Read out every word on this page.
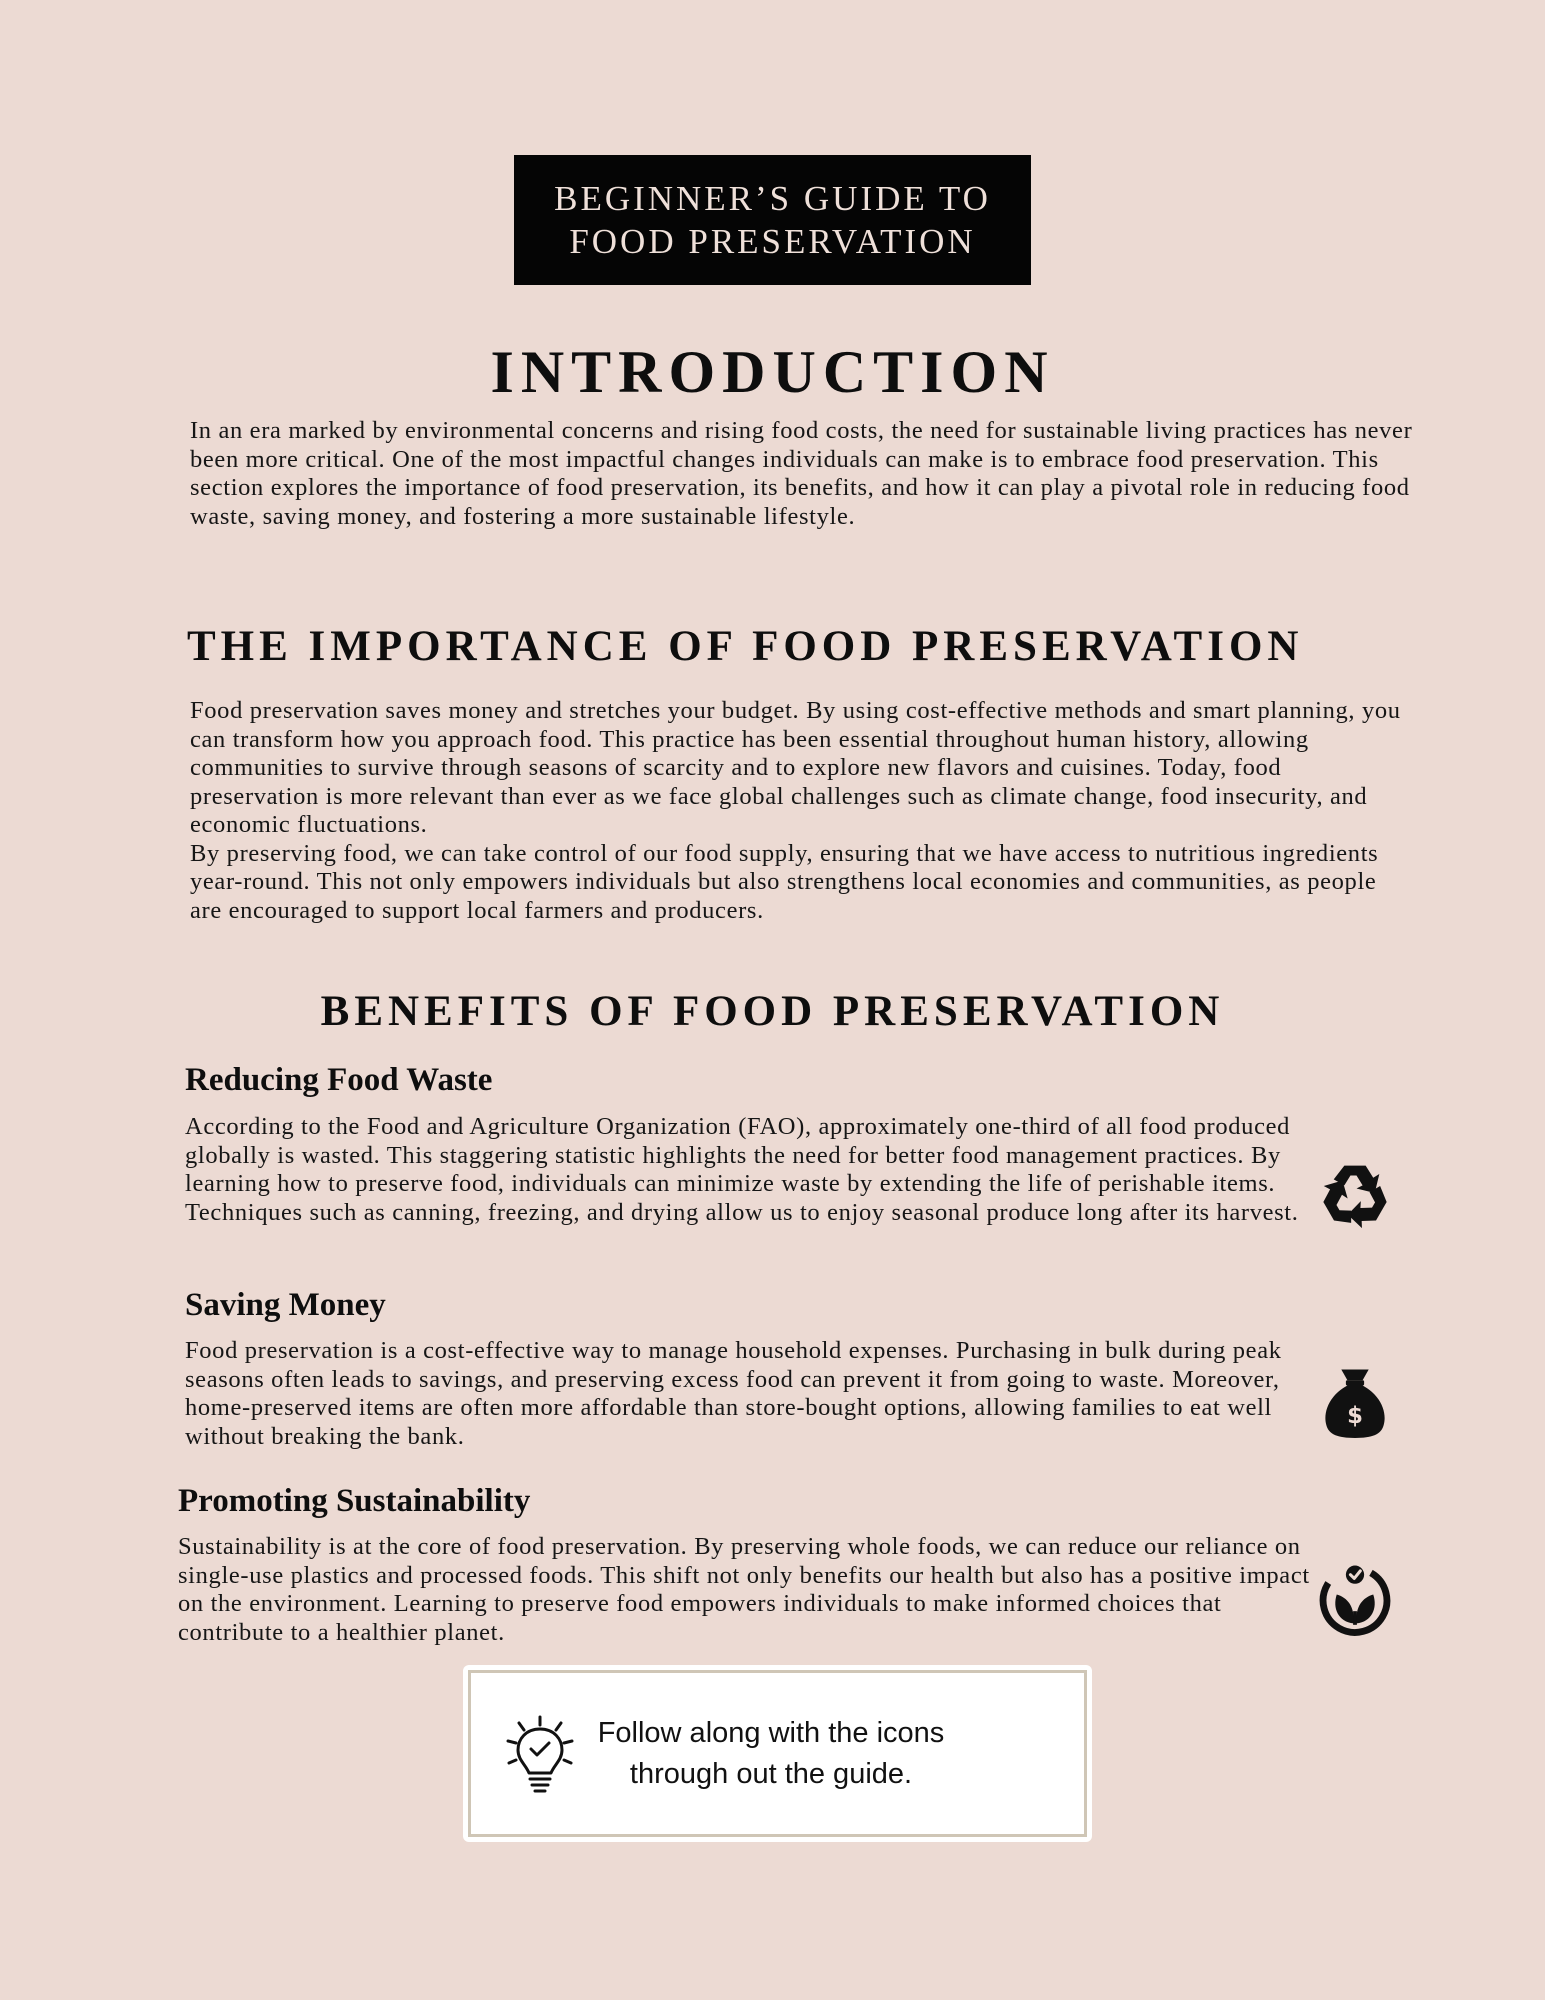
BEGINNER’S GUIDE TO
FOOD PRESERVATION
INTRODUCTION

In an era marked by environmental concerns and rising food costs, the need for sustainable living practices has never been more critical. One of the most impactful changes individuals can make is to embrace food preservation. This section explores the importance of food preservation, its benefits, and how it can play a pivotal role in reducing food waste, saving money, and fostering a more sustainable lifestyle.

THE IMPORTANCE OF FOOD PRESERVATION

Food preservation saves money and stretches your budget. By using cost-effective methods and smart planning, you can transform how you approach food. This practice has been essential throughout human history, allowing communities to survive through seasons of scarcity and to explore new flavors and cuisines. Today, food preservation is more relevant than ever as we face global challenges such as climate change, food insecurity, and economic fluctuations.

By preserving food, we can take control of our food supply, ensuring that we have access to nutritious ingredients year-round. This not only empowers individuals but also strengthens local economies and communities, as people are encouraged to support local farmers and producers.

BENEFITS OF FOOD PRESERVATION
Reducing Food Waste

According to the Food and Agriculture Organization (FAO), approximately one-third of all food produced globally is wasted. This staggering statistic highlights the need for better food management practices. By learning how to preserve food, individuals can minimize waste by extending the life of perishable items. Techniques such as canning, freezing, and drying allow us to enjoy seasonal produce long after its harvest.

Saving Money

Food preservation is a cost-effective way to manage household expenses. Purchasing in bulk during peak seasons often leads to savings, and preserving excess food can prevent it from going to waste. Moreover, home-preserved items are often more affordable than store-bought options, allowing families to eat well without breaking the bank.

$
Promoting Sustainability

Sustainability is at the core of food preservation. By preserving whole foods, we can reduce our reliance on single-use plastics and processed foods. This shift not only benefits our health but also has a positive impact on the environment. Learning to preserve food empowers individuals to make informed choices that contribute to a healthier planet.

Follow along with the icons
through out the guide.
